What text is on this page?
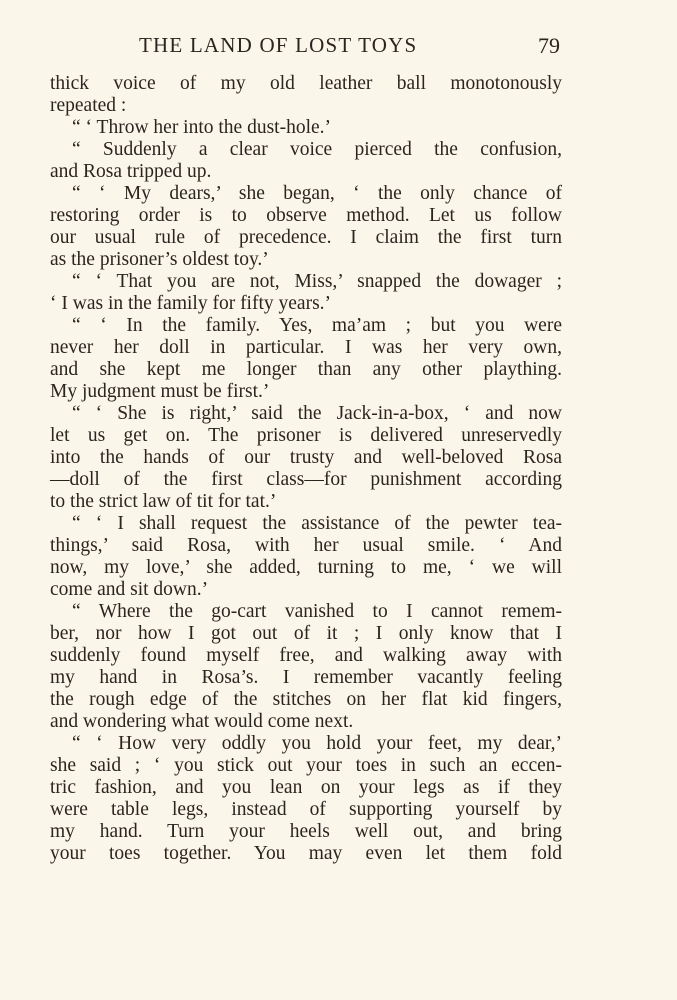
THE LAND OF LOST TOYS	79
thick voice of my old leather ball monotonously
repeated :
“ ‘ Throw her into the dust-hole.’
“ Suddenly a clear voice pierced the confusion,
and Rosa tripped up.
“ ‘ My dears,’ she began, ‘ the only chance of
restoring order is to observe method. Let us follow
our usual rule of precedence. I claim the first turn
as the prisoner’s oldest toy.’
“ ‘ That you are not, Miss,’ snapped the dowager ;
‘ I was in the family for fifty years.’
“ ‘ In the family. Yes, ma’am ; but you were
never her doll in particular. I was her very own,
and she kept me longer than any other plaything.
My judgment must be first.’
“ ‘ She is right,’ said the Jack-in-a-box, ‘ and now
let us get on. The prisoner is delivered unreservedly
into the hands of our trusty and well-beloved Rosa
—doll of the first class—for punishment according
to the strict law of tit for tat.’
“ ‘ I shall request the assistance of the pewter tea-
things,’ said Rosa, with her usual smile. ‘ And
now, my love,’ she added, turning to me, ‘ we will
come and sit down.’
“ Where the go-cart vanished to I cannot remem-
ber, nor how I got out of it ; I only know that I
suddenly found myself free, and walking away with
my hand in Rosa’s. I remember vacantly feeling
the rough edge of the stitches on her flat kid fingers,
and wondering what would come next.
“ ‘ How very oddly you hold your feet, my dear,’
she said ; ‘ you stick out your toes in such an eccen-
tric fashion, and you lean on your legs as if they
were table legs, instead of supporting yourself by
my hand. Turn your heels well out, and bring
your toes together. You may even let them fold
